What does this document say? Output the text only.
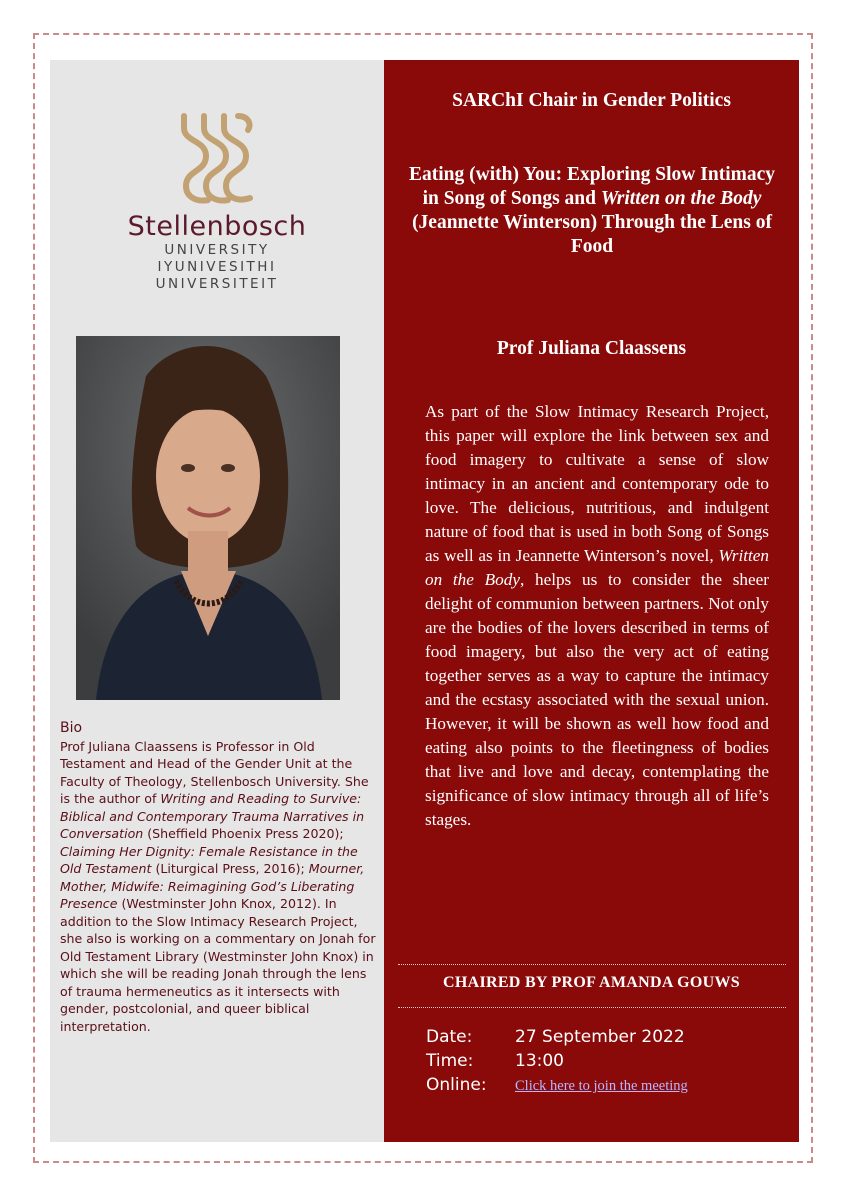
Stellenbosch
UNIVERSITY
IYUNIVESITHI
UNIVERSITEIT
Bio
Prof Juliana Claassens is Professor in Old Testament and Head of the Gender Unit at the Faculty of Theology, Stellenbosch University. She is the author of Writing and Reading to Survive: Biblical and Contemporary Trauma Narratives in Conversation (Sheffield Phoenix Press 2020); Claiming Her Dignity: Female Resistance in the Old Testament (Liturgical Press, 2016); Mourner, Mother, Midwife: Reimagining God’s Liberating Presence (Westminster John Knox, 2012). In addition to the Slow Intimacy Research Project, she also is working on a commentary on Jonah for Old Testament Library (Westminster John Knox) in which she will be reading Jonah through the lens of trauma hermeneutics as it intersects with gender, postcolonial, and queer biblical interpretation.
SARChI Chair in Gender Politics
Eating (with) You: Exploring Slow Intimacy in Song of Songs and Written on the Body (Jeannette Winterson) Through the Lens of Food
Prof Juliana Claassens
As part of the Slow Intimacy Research Project, this paper will explore the link between sex and food imagery to cultivate a sense of slow intimacy in an ancient and contemporary ode to love. The delicious, nutritious, and indulgent nature of food that is used in both Song of Songs as well as in Jeannette Winterson’s novel, Written on the Body, helps us to consider the sheer delight of communion between partners. Not only are the bodies of the lovers described in terms of food imagery, but also the very act of eating together serves as a way to capture the intimacy and the ecstasy associated with the sexual union. However, it will be shown as well how food and eating also points to the fleetingness of bodies that live and love and decay, contemplating the significance of slow intimacy through all of life’s stages.
CHAIRED BY PROF AMANDA GOUWS
Date:	27 September 2022
Time:	13:00
Online: Click here to join the meeting
